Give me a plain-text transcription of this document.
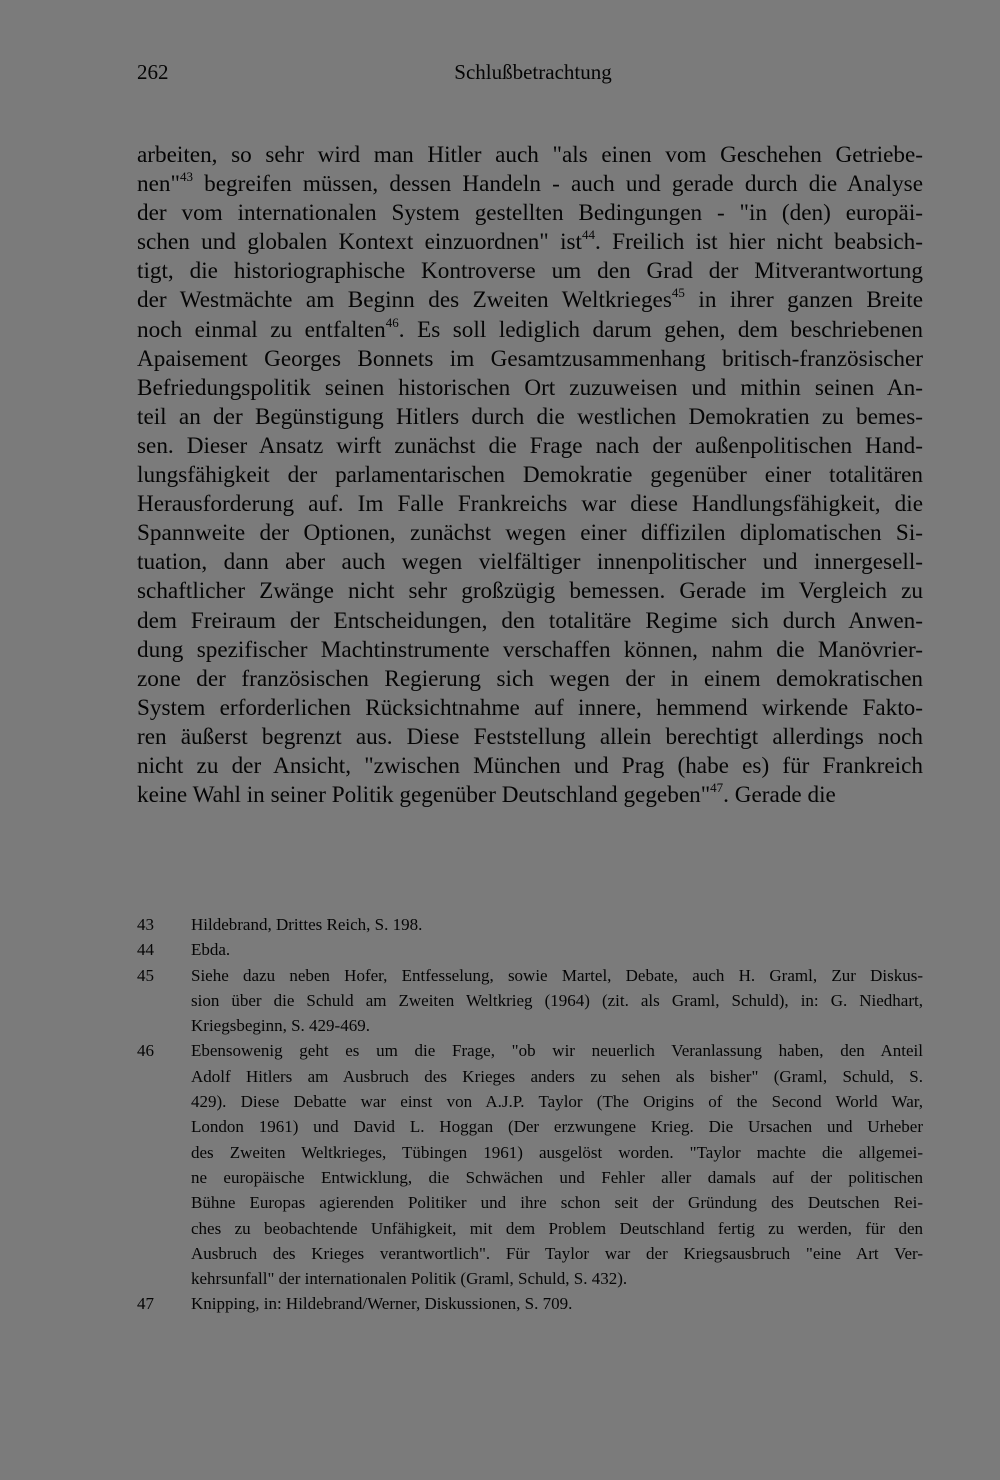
262	Schlußbetrachtung
arbeiten, so sehr wird man Hitler auch "als einen vom Geschehen Getriebe-
nen"$^{43}$ begreifen müssen, dessen Handeln - auch und gerade durch die Analyse
der vom internationalen System gestellten Bedingungen - "in (den) europäi-
schen und globalen Kontext einzuordnen" ist$^{44}$. Freilich ist hier nicht beabsich-
tigt, die historiographische Kontroverse um den Grad der Mitverantwortung
der Westmächte am Beginn des Zweiten Weltkrieges$^{45}$ in ihrer ganzen Breite
noch einmal zu entfalten$^{46}$. Es soll lediglich darum gehen, dem beschriebenen
Apaisement Georges Bonnets im Gesamtzusammenhang britisch-französischer
Befriedungspolitik seinen historischen Ort zuzuweisen und mithin seinen An-
teil an der Begünstigung Hitlers durch die westlichen Demokratien zu bemes-
sen. Dieser Ansatz wirft zunächst die Frage nach der außenpolitischen Hand-
lungsfähigkeit der parlamentarischen Demokratie gegenüber einer totalitären
Herausforderung auf. Im Falle Frankreichs war diese Handlungsfähigkeit, die
Spannweite der Optionen, zunächst wegen einer diffizilen diplomatischen Si-
tuation, dann aber auch wegen vielfältiger innenpolitischer und innergesell-
schaftlicher Zwänge nicht sehr großzügig bemessen. Gerade im Vergleich zu
dem Freiraum der Entscheidungen, den totalitäre Regime sich durch Anwen-
dung spezifischer Machtinstrumente verschaffen können, nahm die Manövrier-
zone der französischen Regierung sich wegen der in einem demokratischen
System erforderlichen Rücksichtnahme auf innere, hemmend wirkende Fakto-
ren äußerst begrenzt aus. Diese Feststellung allein berechtigt allerdings noch
nicht zu der Ansicht, "zwischen München und Prag (habe es) für Frankreich
keine Wahl in seiner Politik gegenüber Deutschland gegeben"$^{47}$. Gerade die
43	Hildebrand, Drittes Reich, S. 198.
44	Ebda.
45	Siehe dazu neben Hofer, Entfesselung, sowie Martel, Debate, auch H. Graml, Zur Diskus-
sion über die Schuld am Zweiten Weltkrieg (1964) (zit. als Graml, Schuld), in: G. Niedhart,
Kriegsbeginn, S. 429-469.
46	Ebensowenig geht es um die Frage, "ob wir neuerlich Veranlassung haben, den Anteil
Adolf Hitlers am Ausbruch des Krieges anders zu sehen als bisher" (Graml, Schuld, S.
429). Diese Debatte war einst von A.J.P. Taylor (The Origins of the Second World War,
London 1961) und David L. Hoggan (Der erzwungene Krieg. Die Ursachen und Urheber
des Zweiten Weltkrieges, Tübingen 1961) ausgelöst worden. "Taylor machte die allgemei-
ne europäische Entwicklung, die Schwächen und Fehler aller damals auf der politischen
Bühne Europas agierenden Politiker und ihre schon seit der Gründung des Deutschen Rei-
ches zu beobachtende Unfähigkeit, mit dem Problem Deutschland fertig zu werden, für den
Ausbruch des Krieges verantwortlich". Für Taylor war der Kriegsausbruch "eine Art Ver-
kehrsunfall" der internationalen Politik (Graml, Schuld, S. 432).
47	Knipping, in: Hildebrand/Werner, Diskussionen, S. 709.
